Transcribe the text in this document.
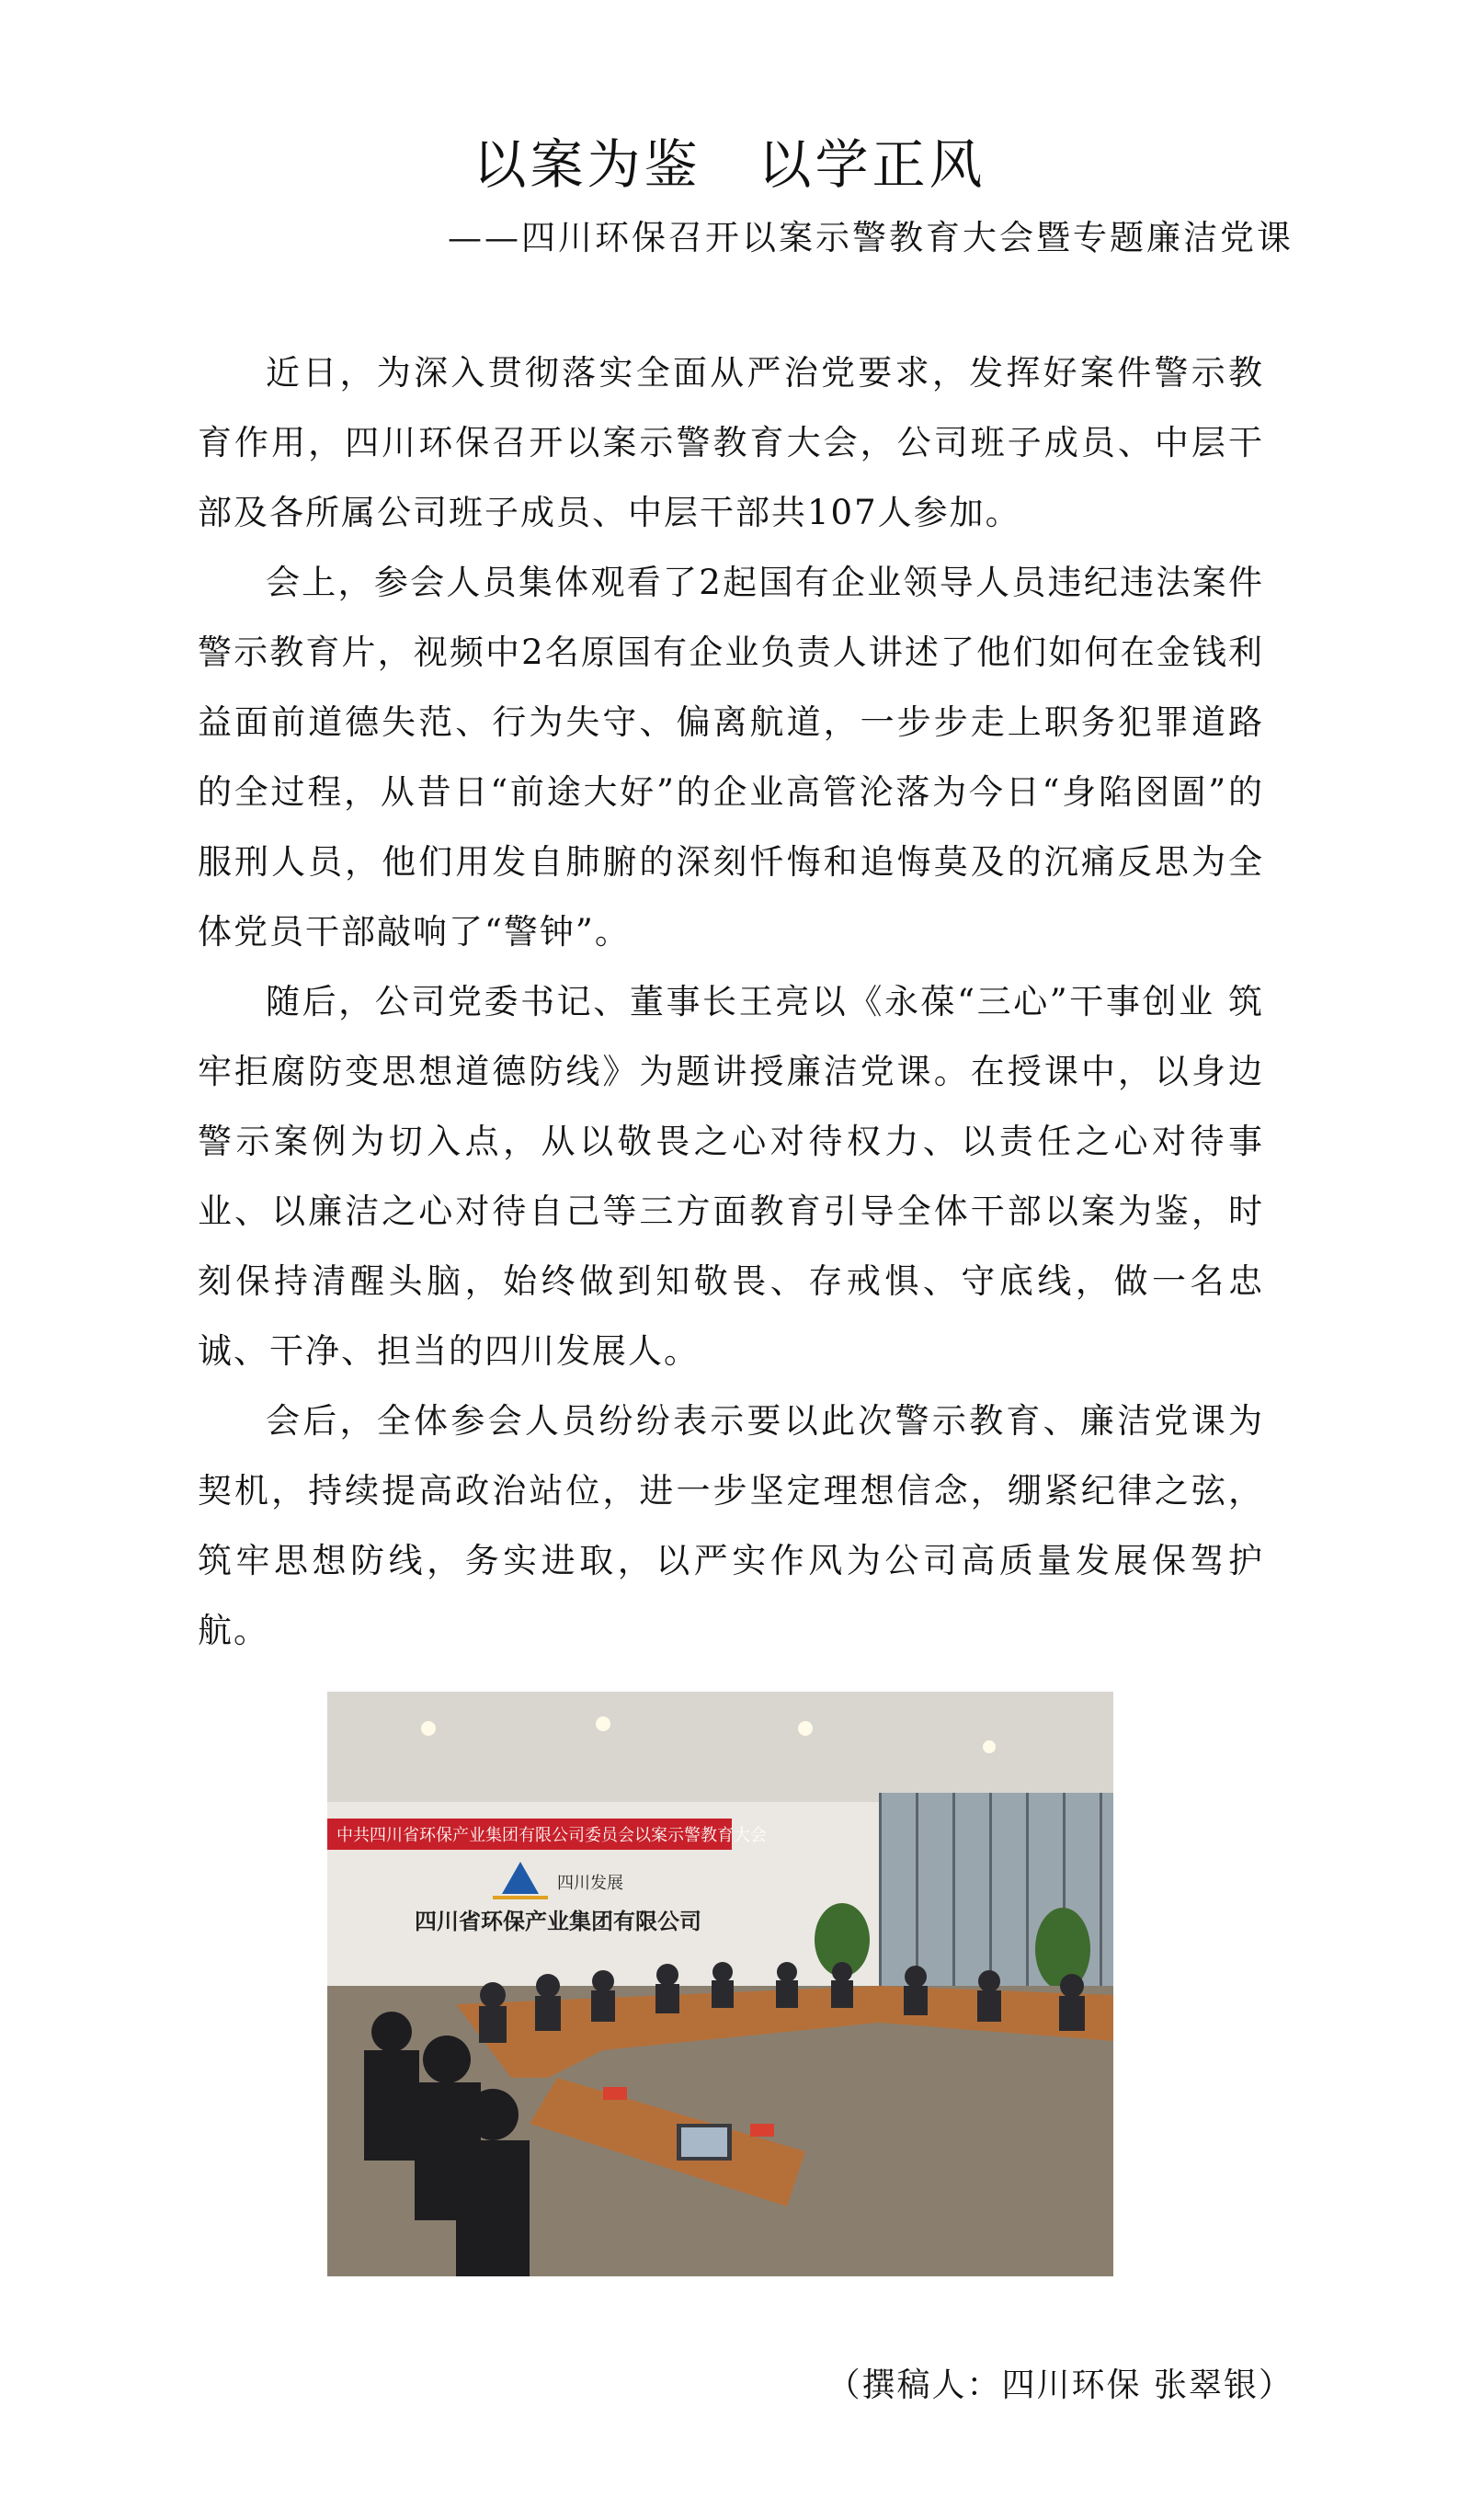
以案为鉴　以学正风
——四川环保召开以案示警教育大会暨专题廉洁党课

近日，为深入贯彻落实全面从严治党要求，发挥好案件警示教育作用，四川环保召开以案示警教育大会，公司班子成员、中层干部及各所属公司班子成员、中层干部共107人参加。

会上，参会人员集体观看了2起国有企业领导人员违纪违法案件警示教育片，视频中2名原国有企业负责人讲述了他们如何在金钱利益面前道德失范、行为失守、偏离航道，一步步走上职务犯罪道路的全过程，从昔日“前途大好”的企业高管沦落为今日“身陷囹圄”的服刑人员，他们用发自肺腑的深刻忏悔和追悔莫及的沉痛反思为全体党员干部敲响了“警钟”。

随后，公司党委书记、董事长王亮以《永葆“三心”干事创业 筑牢拒腐防变思想道德防线》为题讲授廉洁党课。在授课中，以身边警示案例为切入点，从以敬畏之心对待权力、以责任之心对待事业、以廉洁之心对待自己等三方面教育引导全体干部以案为鉴，时刻保持清醒头脑，始终做到知敬畏、存戒惧、守底线，做一名忠诚、干净、担当的四川发展人。

会后，全体参会人员纷纷表示要以此次警示教育、廉洁党课为契机，持续提高政治站位，进一步坚定理想信念，绷紧纪律之弦，筑牢思想防线，务实进取，以严实作风为公司高质量发展保驾护航。

中共四川省环保产业集团有限公司委员会以案示警教育大会
四川发展
四川省环保产业集团有限公司
（撰稿人：四川环保 张翠银）
